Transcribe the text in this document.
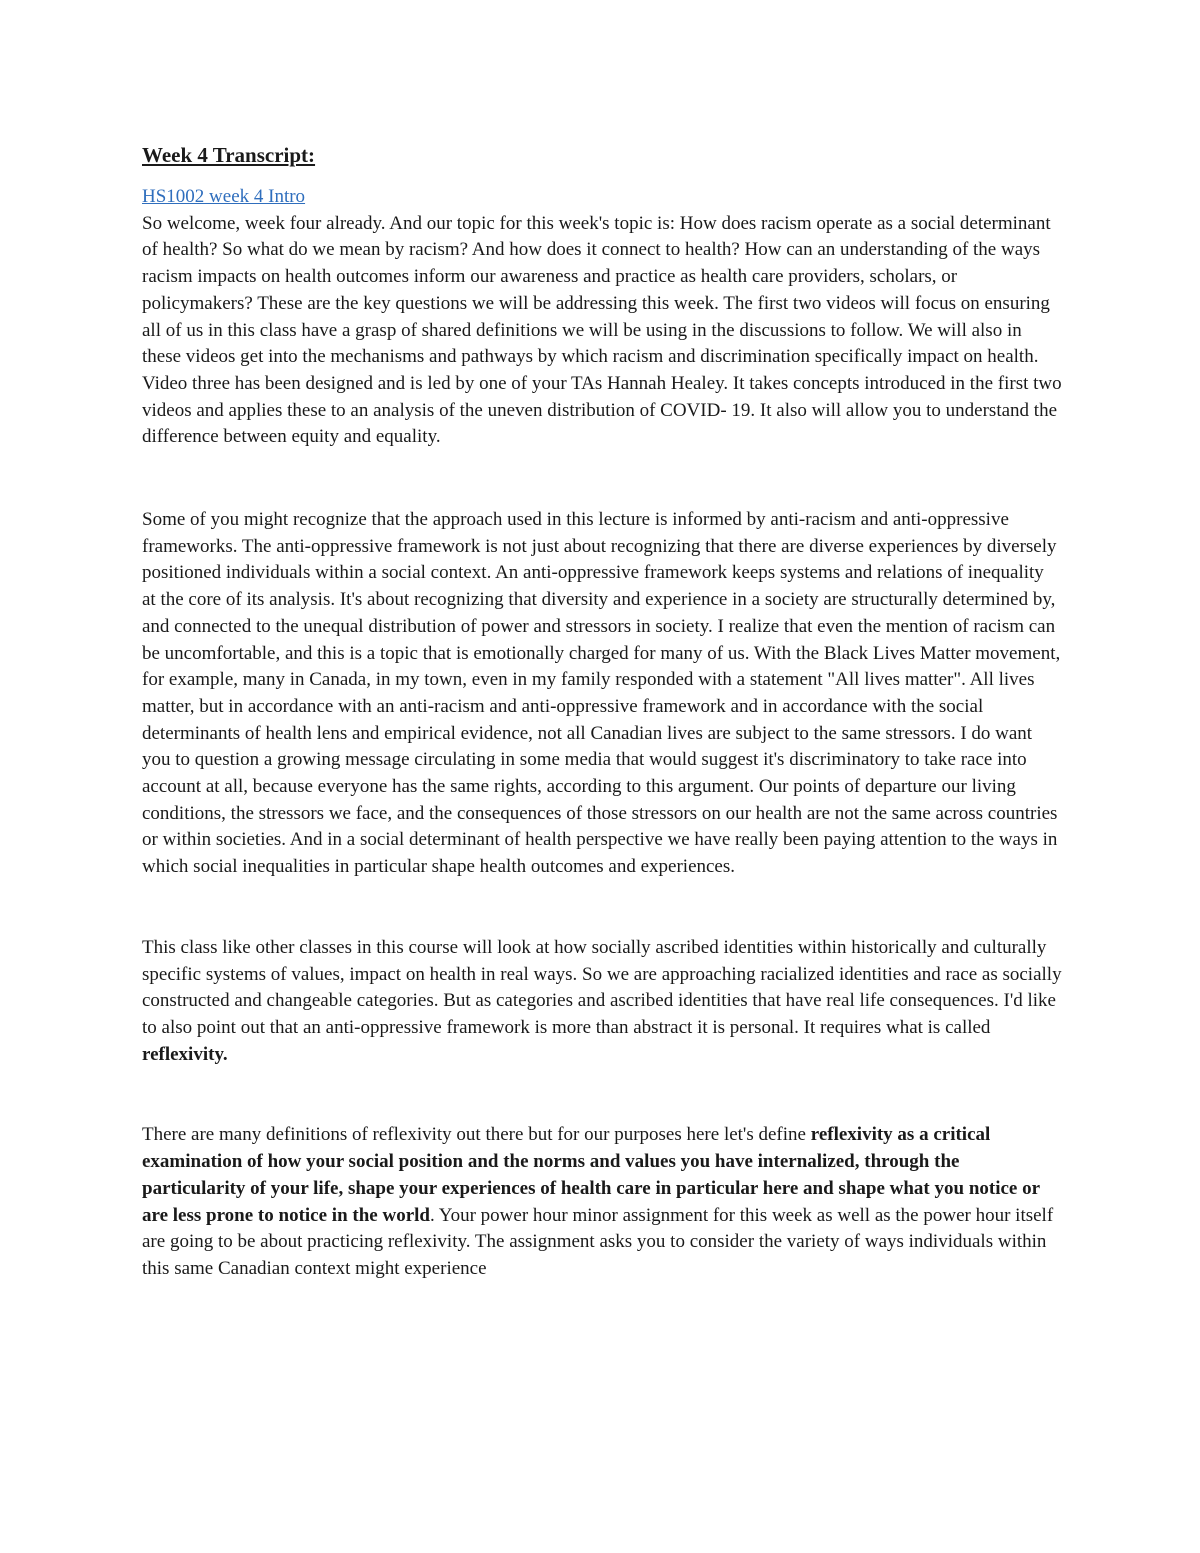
Week 4 Transcript:
HS1002 week 4 Intro

So welcome, week four already. And our topic for this week's topic is: How does racism operate as a social determinant of health? So what do we mean by racism? And how does it connect to health? How can an understanding of the ways racism impacts on health outcomes inform our awareness and practice as health care providers, scholars, or policymakers? These are the key questions we will be addressing this week. The first two videos will focus on ensuring all of us in this class have a grasp of shared definitions we will be using in the discussions to follow. We will also in these videos get into the mechanisms and pathways by which racism and discrimination specifically impact on health. Video three has been designed and is led by one of your TAs Hannah Healey. It takes concepts introduced in the first two videos and applies these to an analysis of the uneven distribution of COVID- 19. It also will allow you to understand the difference between equity and equality.

Some of you might recognize that the approach used in this lecture is informed by anti-racism and anti-oppressive frameworks. The anti-oppressive framework is not just about recognizing that there are diverse experiences by diversely positioned individuals within a social context. An anti-oppressive framework keeps systems and relations of inequality at the core of its analysis. It's about recognizing that diversity and experience in a society are structurally determined by, and connected to the unequal distribution of power and stressors in society. I realize that even the mention of racism can be uncomfortable, and this is a topic that is emotionally charged for many of us. With the Black Lives Matter movement, for example, many in Canada, in my town, even in my family responded with a statement "All lives matter". All lives matter, but in accordance with an anti-racism and anti-oppressive framework and in accordance with the social determinants of health lens and empirical evidence, not all Canadian lives are subject to the same stressors. I do want you to question a growing message circulating in some media that would suggest it's discriminatory to take race into account at all, because everyone has the same rights, according to this argument. Our points of departure our living conditions, the stressors we face, and the consequences of those stressors on our health are not the same across countries or within societies. And in a social determinant of health perspective we have really been paying attention to the ways in which social inequalities in particular shape health outcomes and experiences.

This class like other classes in this course will look at how socially ascribed identities within historically and culturally specific systems of values, impact on health in real ways. So we are approaching racialized identities and race as socially constructed and changeable categories. But as categories and ascribed identities that have real life consequences. I'd like to also point out that an anti-oppressive framework is more than abstract it is personal. It requires what is called reflexivity.

There are many definitions of reflexivity out there but for our purposes here let's define reflexivity as a critical examination of how your social position and the norms and values you have internalized, through the particularity of your life, shape your experiences of health care in particular here and shape what you notice or are less prone to notice in the world. Your power hour minor assignment for this week as well as the power hour itself are going to be about practicing reflexivity. The assignment asks you to consider the variety of ways individuals within this same Canadian context might experience
